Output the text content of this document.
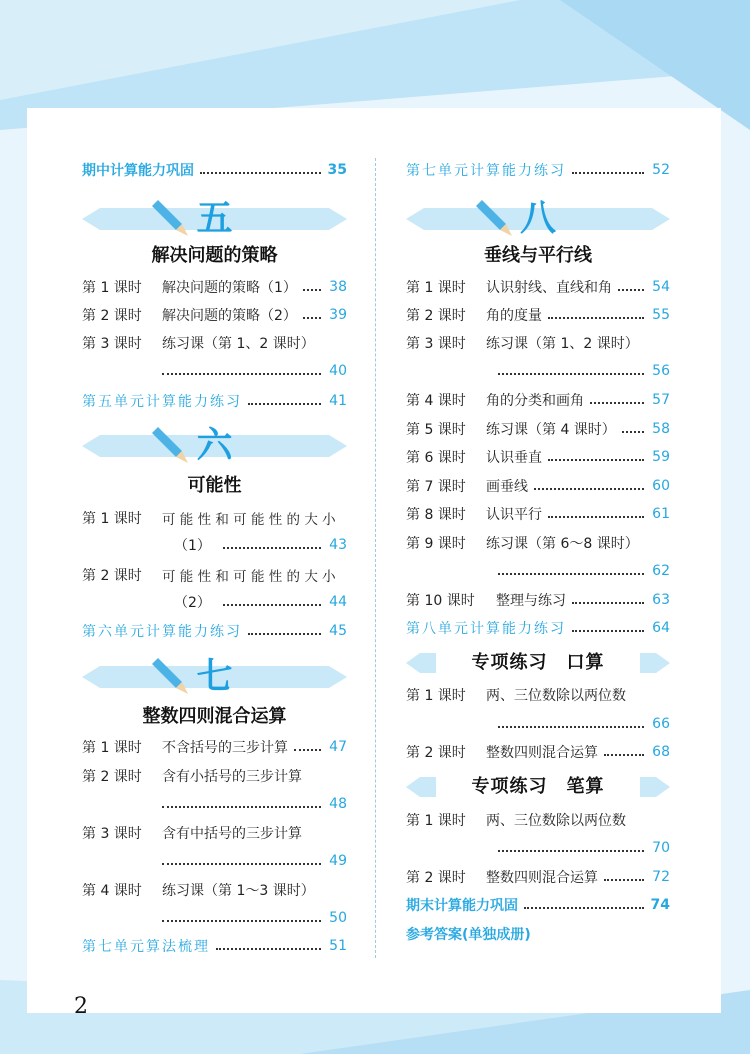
期中计算能力巩固	35
五
解决问题的策略
第 1 课时	解决问题的策略（1） 38
第 2 课时	解决问题的策略（2） 39
第 3 课时	练习课（第 1、2 课时）
40
第五单元计算能力练习	41
六
可能性
第 1 课时	可 能 性 和 可 能 性 的 大 小
（1）	43
第 2 课时	可 能 性 和 可 能 性 的 大 小
（2）	44
第六单元计算能力练习	45
七
整数四则混合运算
第 1 课时	不含括号的三步计算	47
第 2 课时	含有小括号的三步计算
48
第 3 课时	含有中括号的三步计算
49
第 4 课时	练习课（第 1～3 课时）
50
第七单元算法梳理	51
第七单元计算能力练习	52
八
垂线与平行线
第 1 课时	认识射线、直线和角	54
第 2 课时	角的度量	55
第 3 课时	练习课（第 1、2 课时）
56
第 4 课时	角的分类和画角	57
第 5 课时	练习课（第 4 课时）	58
第 6 课时	认识垂直	59
第 7 课时	画垂线	60
第 8 课时	认识平行	61
第 9 课时	练习课（第 6～8 课时）
62
第 10 课时	整理与练习	63
第八单元计算能力练习	64
专项练习　口算
第 1 课时	两、三位数除以两位数
66
第 2 课时	整数四则混合运算	68
专项练习　笔算
第 1 课时	两、三位数除以两位数
70
第 2 课时	整数四则混合运算	72
期末计算能力巩固	74
参考答案(单独成册)
2
